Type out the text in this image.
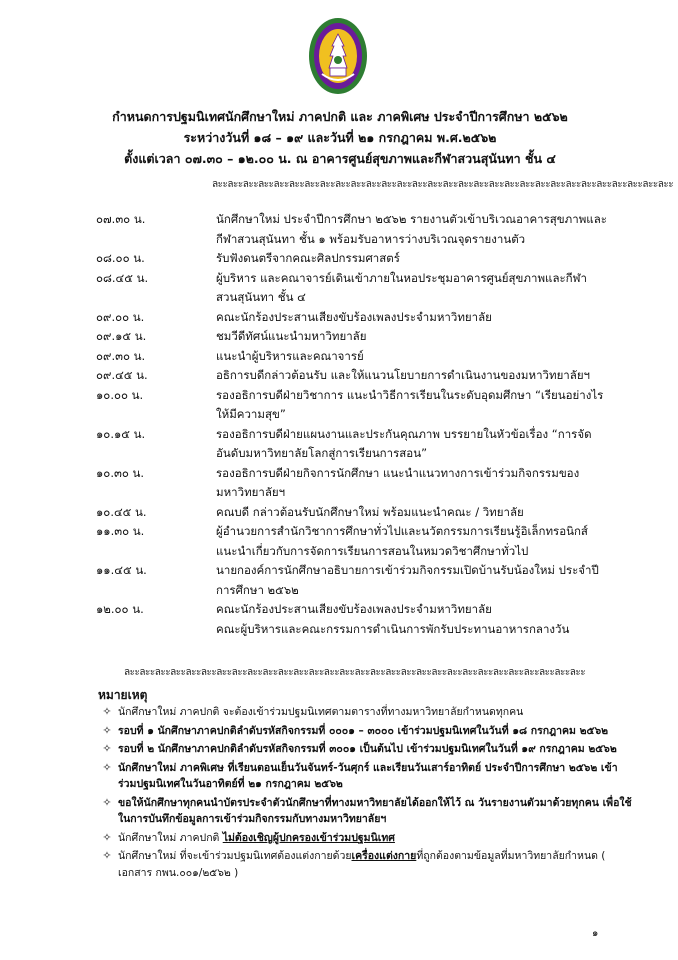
กำหนดการปฐมนิเทศนักศึกษาใหม่ ภาคปกติ และ ภาคพิเศษ ประจำปีการศึกษา ๒๕๖๒
ระหว่างวันที่ ๑๘ – ๑๙ และวันที่ ๒๑ กรกฎาคม พ.ศ.๒๕๖๒
ตั้งแต่เวลา ๐๗.๓๐ – ๑๒.๐๐ น. ณ อาคารศูนย์สุขภาพและกีฬาสวนสุนันทา ชั้น ๔
ละะละะละะละะละะละะละะละะละะละะละะละะละะละะละะละะละะละะละะละะละะละะละะละะละะละะละะละะละะละะ
๐๗.๓๐ น.	นักศึกษาใหม่ ประจำปีการศึกษา ๒๕๖๒ รายงานตัวเข้าบริเวณอาคารสุขภาพและ
กีฬาสวนสุนันทา ชั้น ๑ พร้อมรับอาหารว่างบริเวณจุดรายงานตัว
๐๘.๐๐ น.	รับฟังดนตรีจากคณะศิลปกรรมศาสตร์
๐๘.๔๕ น.	ผู้บริหาร และคณาจารย์เดินเข้าภายในหอประชุมอาคารศูนย์สุขภาพและกีฬา
สวนสุนันทา ชั้น ๔
๐๙.๐๐ น.	คณะนักร้องประสานเสียงขับร้องเพลงประจำมหาวิทยาลัย
๐๙.๑๕ น.	ชมวีดีทัศน์แนะนำมหาวิทยาลัย
๐๙.๓๐ น.	แนะนำผู้บริหารและคณาจารย์
๐๙.๔๕ น.	อธิการบดีกล่าวต้อนรับ และให้แนวนโยบายการดำเนินงานของมหาวิทยาลัยฯ
๑๐.๐๐ น.	รองอธิการบดีฝ่ายวิชาการ แนะนำวิธีการเรียนในระดับอุดมศึกษา “เรียนอย่างไร
ให้มีความสุข”
๑๐.๑๕ น.	รองอธิการบดีฝ่ายแผนงานและประกันคุณภาพ บรรยายในหัวข้อเรื่อง “การจัด
อันดับมหาวิทยาลัยโลกสู่การเรียนการสอน”
๑๐.๓๐ น.	รองอธิการบดีฝ่ายกิจการนักศึกษา แนะนำแนวทางการเข้าร่วมกิจกรรมของ
มหาวิทยาลัยฯ
๑๐.๔๕ น.	คณบดี กล่าวต้อนรับนักศึกษาใหม่ พร้อมแนะนำคณะ / วิทยาลัย
๑๑.๓๐ น.	ผู้อำนวยการสำนักวิชาการศึกษาทั่วไปและนวัตกรรมการเรียนรู้อิเล็กทรอนิกส์
แนะนำเกี่ยวกับการจัดการเรียนการสอนในหมวดวิชาศึกษาทั่วไป
๑๑.๔๕ น.	นายกองค์การนักศึกษาอธิบายการเข้าร่วมกิจกรรมเปิดบ้านรับน้องใหม่ ประจำปี
การศึกษา ๒๕๖๒
๑๒.๐๐ น.	คณะนักร้องประสานเสียงขับร้องเพลงประจำมหาวิทยาลัย
คณะผู้บริหารและคณะกรรมการดำเนินการพักรับประทานอาหารกลางวัน
ละะละะละะละะละะละะละะละะละะละะละะละะละะละะละะละะละะละะละะละะละะละะละะละะละะละะละะละะละะละะ
หมายเหตุ
✧ นักศึกษาใหม่ ภาคปกติ จะต้องเข้าร่วมปฐมนิเทศตามตารางที่ทางมหาวิทยาลัยกำหนดทุกคน
✧ รอบที่ ๑ นักศึกษาภาคปกติลำดับรหัสกิจกรรมที่ ๐๐๐๑ – ๓๐๐๐ เข้าร่วมปฐมนิเทศในวันที่ ๑๘ กรกฎาคม ๒๕๖๒
✧ รอบที่ ๒ นักศึกษาภาคปกติลำดับรหัสกิจกรรมที่ ๓๐๐๑ เป็นต้นไป เข้าร่วมปฐมนิเทศในวันที่ ๑๙ กรกฎาคม ๒๕๖๒
✧ นักศึกษาใหม่ ภาคพิเศษ ที่เรียนตอนเย็นวันจันทร์-วันศุกร์ และเรียนวันเสาร์อาทิตย์ ประจำปีการศึกษา ๒๕๖๒ เข้าร่วมปฐมนิเทศในวันอาทิตย์ที่ ๒๑ กรกฎาคม ๒๕๖๒
✧ ขอให้นักศึกษาทุกคนนำบัตรประจำตัวนักศึกษาที่ทางมหาวิทยาลัยได้ออกให้ไว้ ณ วันรายงานตัวมาด้วยทุกคน เพื่อใช้ในการบันทึกข้อมูลการเข้าร่วมกิจกรรมกับทางมหาวิทยาลัยฯ
✧ นักศึกษาใหม่ ภาคปกติ ไม่ต้องเชิญผู้ปกครองเข้าร่วมปฐมนิเทศ
✧ นักศึกษาใหม่ ที่จะเข้าร่วมปฐมนิเทศต้องแต่งกายด้วยเครื่องแต่งกายที่ถูกต้องตามข้อมูลที่มหาวิทยาลัยกำหนด ( เอกสาร กพน.๐๐๑/๒๕๖๒ )
๑
